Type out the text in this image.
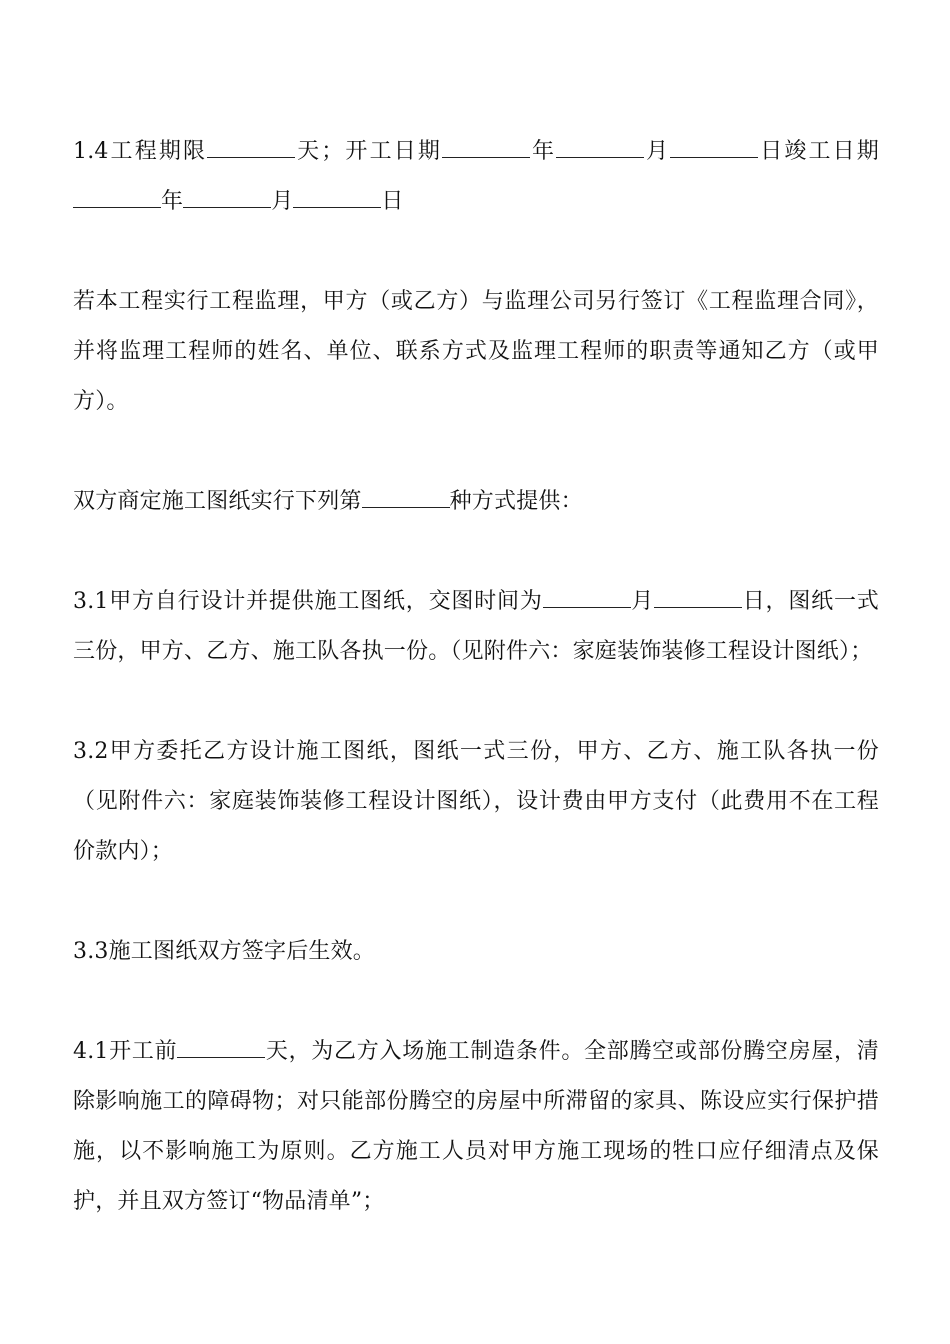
1.4工程期限	天；开工日期	年	月	日竣工日期年	月	日

若本工程实行工程监理，甲方（或乙方）与监理公司另行签订《工程监理合同》，并将监理工程师的姓名、单位、联系方式及监理工程师的职责等通知乙方（或甲方）。

双方商定施工图纸实行下列第	种方式提供：

3.1甲方自行设计并提供施工图纸，交图时间为	月	日，图纸一式三份，甲方、乙方、施工队各执一份。（见附件六：家庭装饰装修工程设计图纸）；

3.2甲方委托乙方设计施工图纸，图纸一式三份，甲方、乙方、施工队各执一份（见附件六：家庭装饰装修工程设计图纸），设计费由甲方支付（此费用不在工程价款内）；

3.3施工图纸双方签字后生效。

4.1开工前	天，为乙方入场施工制造条件。全部腾空或部份腾空房屋，清除影响施工的障碍物；对只能部份腾空的房屋中所滞留的家具、陈设应实行保护措施，以不影响施工为原则。乙方施工人员对甲方施工现场的牲口应仔细清点及保护，并且双方签订“物品清单”；
